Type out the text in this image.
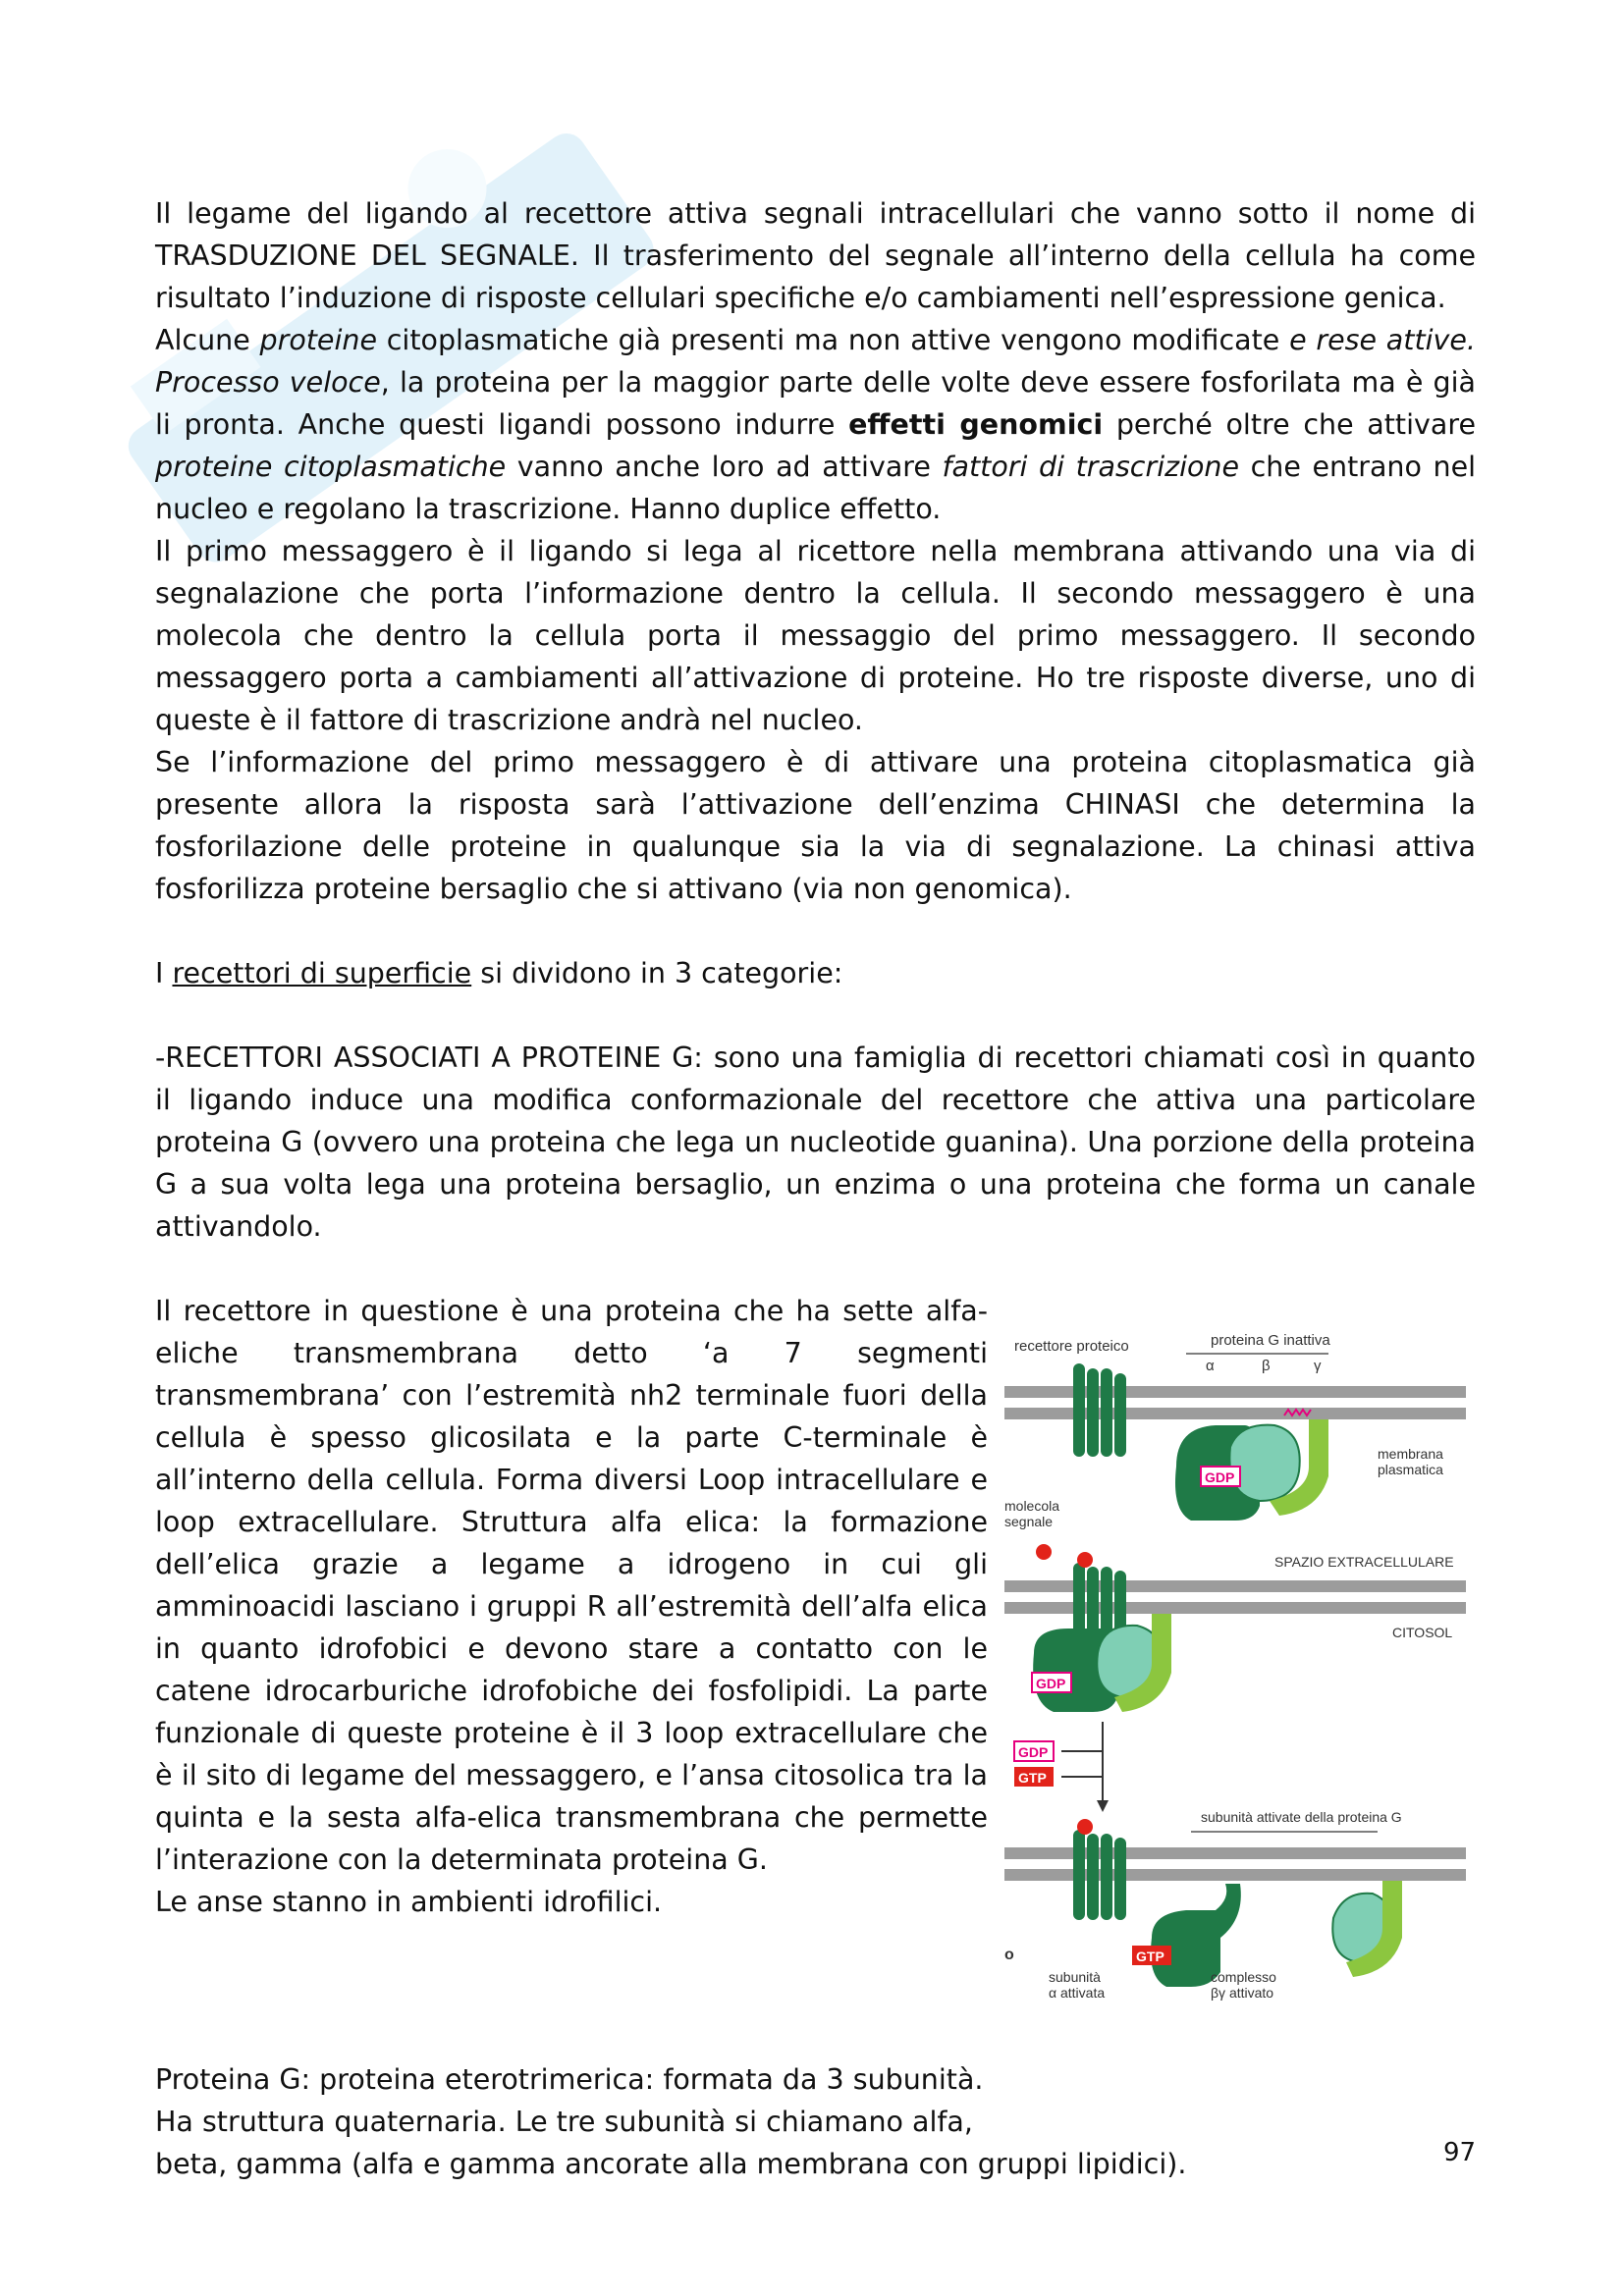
Il legame del ligando al recettore attiva segnali intracellulari che vanno sotto il nome di TRASDUZIONE DEL SEGNALE. Il trasferimento del segnale all’interno della cellula ha come risultato l’induzione di risposte cellulari specifiche e/o cambiamenti nell’espressione genica.

Alcune proteine citoplasmatiche già presenti ma non attive vengono modificate e rese attive. Processo veloce, la proteina per la maggior parte delle volte deve essere fosforilata ma è già li pronta. Anche questi ligandi possono indurre effetti genomici perché oltre che attivare proteine citoplasmatiche vanno anche loro ad attivare fattori di trascrizione che entrano nel nucleo e regolano la trascrizione. Hanno duplice effetto.

Il primo messaggero è il ligando si lega al ricettore nella membrana attivando una via di segnalazione che porta l’informazione dentro la cellula. Il secondo messaggero è una molecola che dentro la cellula porta il messaggio del primo messaggero. Il secondo messaggero porta a cambiamenti all’attivazione di proteine. Ho tre risposte diverse, uno di queste è il fattore di trascrizione andrà nel nucleo.

Se l’informazione del primo messaggero è di attivare una proteina citoplasmatica già presente allora la risposta sarà l’attivazione dell’enzima CHINASI che determina la fosforilazione delle proteine in qualunque sia la via di segnalazione. La chinasi attiva fosforilizza proteine bersaglio che si attivano (via non genomica).

I recettori di superficie si dividono in 3 categorie:

-RECETTORI ASSOCIATI A PROTEINE G: sono una famiglia di recettori chiamati così in quanto il ligando induce una modifica conformazionale del recettore che attiva una particolare proteina G (ovvero una proteina che lega un nucleotide guanina). Una porzione della proteina G a sua volta lega una proteina bersaglio, un enzima o una proteina che forma un canale attivandolo.

Il recettore in questione è una proteina che ha sette alfa-eliche transmembrana detto ‘a 7 segmenti transmembrana’ con l’estremità nh2 terminale fuori della cellula è spesso glicosilata e la parte C-terminale è all’interno della cellula. Forma diversi Loop intracellulare e loop extracellulare. Struttura alfa elica: la formazione dell’elica grazie a legame a idrogeno in cui gli amminoacidi lasciano i gruppi R all’estremità dell’alfa elica in quanto idrofobici e devono stare a contatto con le catene idrocarburiche idrofobiche dei fosfolipidi. La parte funzionale di queste proteine è il 3 loop extracellulare che è il sito di legame del messaggero, e l’ansa citosolica tra la quinta e la sesta alfa-elica transmembrana che permette l’interazione con la determinata proteina G.

Le anse stanno in ambienti idrofilici.

recettore proteico	proteina G inattiva
α	β	γ
GDP
membrana
plasmatica
molecola
segnale
SPAZIO EXTRACELLULARE
CITOSOL
GDP
GDP
GTP
subunità attivate della proteina G
GTP
subunità
α attivata
complesso
βγ attivato
o

Proteina G: proteina eterotrimerica: formata da 3 subunità.

Ha struttura quaternaria. Le tre subunità si chiamano alfa,

beta, gamma (alfa e gamma ancorate alla membrana con gruppi lipidici).	97
